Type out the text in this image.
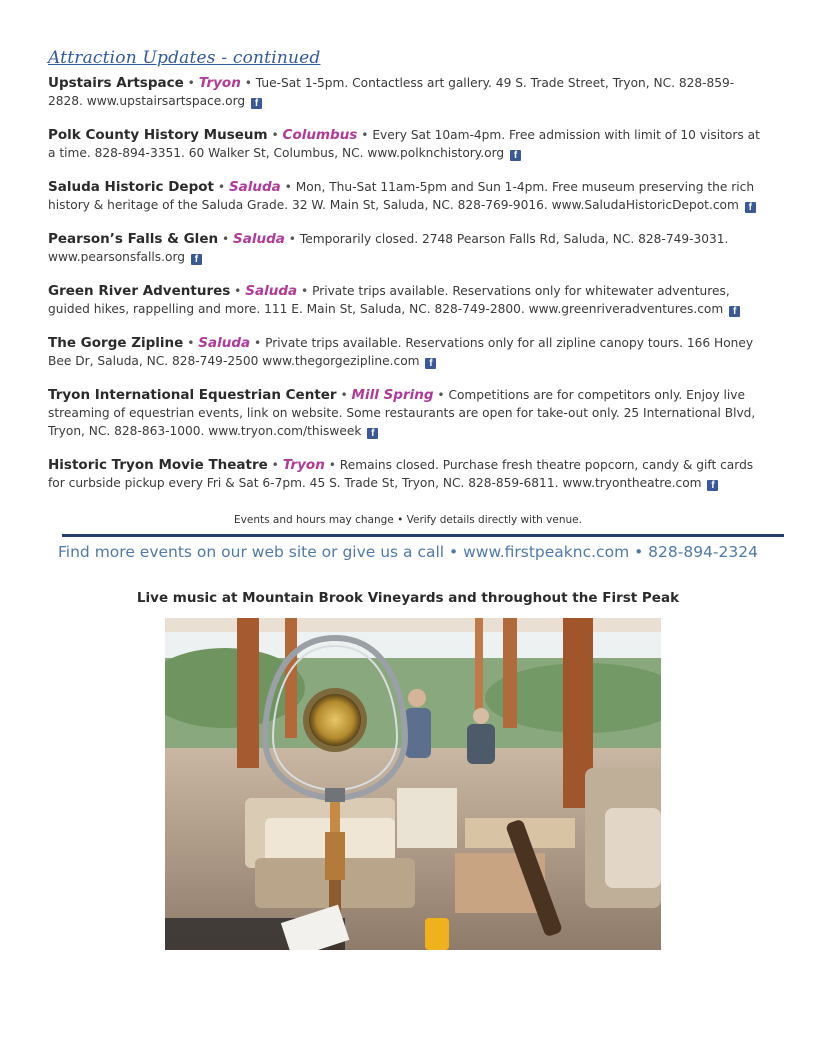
Attraction Updates - continued
Upstairs Artspace • Tryon • Tue-Sat 1-5pm. Contactless art gallery. 49 S. Trade Street, Tryon, NC. 828-859-2828. www.upstairsartspace.org f
Polk County History Museum • Columbus • Every Sat 10am-4pm. Free admission with limit of 10 visitors at a time. 828-894-3351. 60 Walker St, Columbus, NC. www.polknchistory.org f
Saluda Historic Depot • Saluda • Mon, Thu-Sat 11am-5pm and Sun 1-4pm. Free museum preserving the rich history & heritage of the Saluda Grade. 32 W. Main St, Saluda, NC. 828-769-9016. www.SaludaHistoricDepot.com f
Pearson’s Falls & Glen • Saluda • Temporarily closed. 2748 Pearson Falls Rd, Saluda, NC. 828-749-3031. www.pearsonsfalls.org f
Green River Adventures • Saluda • Private trips available. Reservations only for whitewater adventures, guided hikes, rappelling and more. 111 E. Main St, Saluda, NC. 828-749-2800. www.greenriveradventures.com f
The Gorge Zipline • Saluda • Private trips available. Reservations only for all zipline canopy tours. 166 Honey Bee Dr, Saluda, NC. 828-749-2500 www.thegorgezipline.com f
Tryon International Equestrian Center • Mill Spring • Competitions are for competitors only. Enjoy live streaming of equestrian events, link on website. Some restaurants are open for take-out only. 25 International Blvd, Tryon, NC. 828-863-1000. www.tryon.com/thisweek f
Historic Tryon Movie Theatre • Tryon • Remains closed. Purchase fresh theatre popcorn, candy & gift cards for curbside pickup every Fri & Sat 6-7pm. 45 S. Trade St, Tryon, NC. 828-859-6811. www.tryontheatre.com f
Events and hours may change • Verify details directly with venue.
Find more events on our web site or give us a call • www.firstpeaknc.com • 828-894-2324
Live music at Mountain Brook Vineyards and throughout the First Peak
